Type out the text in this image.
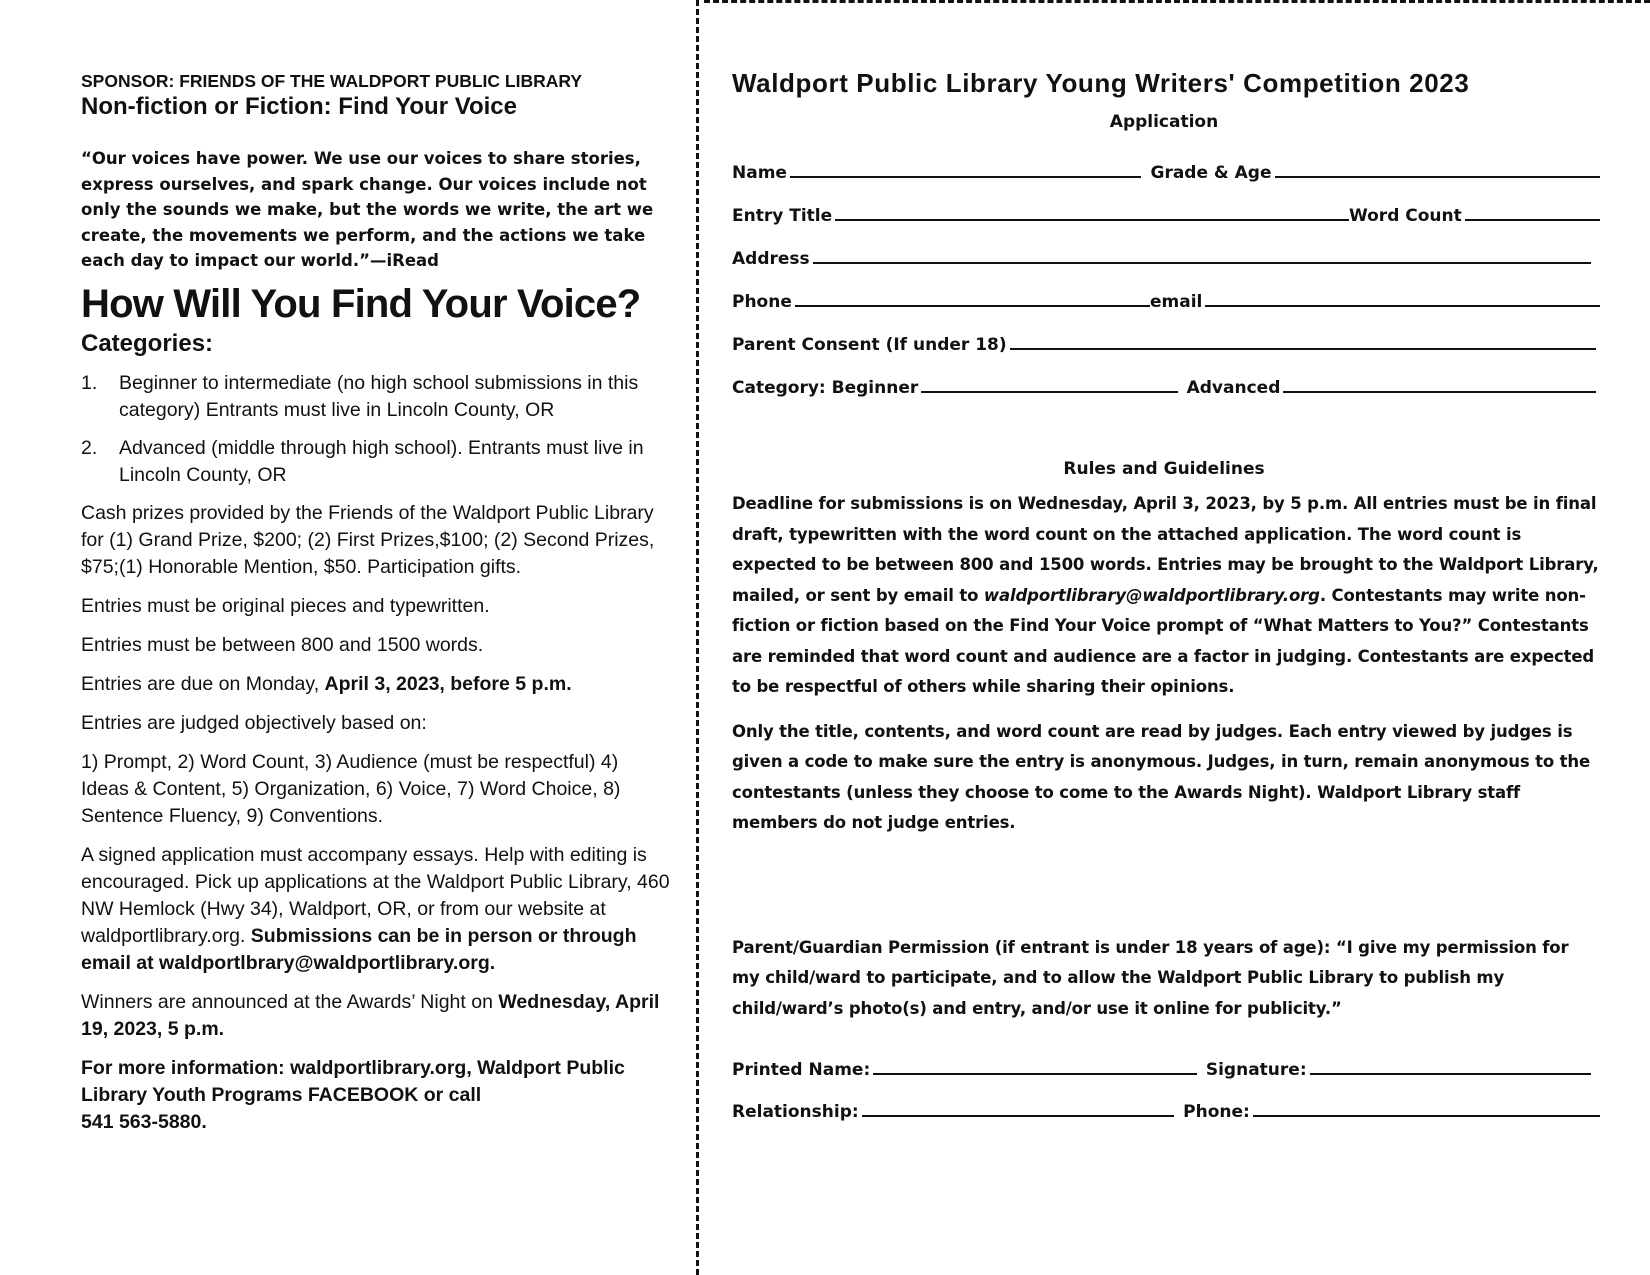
SPONSOR: FRIENDS OF THE WALDPORT PUBLIC LIBRARY

Non-fiction or Fiction: Find Your Voice

“Our voices have power. We use our voices to share stories, express ourselves, and spark change. Our voices include not only the sounds we make, but the words we write, the art we create, the movements we perform, and the actions we take each day to impact our world.”—iRead

How Will You Find Your Voice?

Categories:

1. Beginner to intermediate (no high school submissions in this category) Entrants must live in Lincoln County, OR
2. Advanced (middle through high school). Entrants must live in Lincoln County, OR

Cash prizes provided by the Friends of the Waldport Public Library for (1) Grand Prize, $200; (2) First Prizes,$100; (2) Second Prizes, $75;(1) Honorable Mention, $50. Participation gifts.

Entries must be original pieces and typewritten.

Entries must be between 800 and 1500 words.

Entries are due on Monday, April 3, 2023, before 5 p.m.

Entries are judged objectively based on:

1) Prompt, 2) Word Count, 3) Audience (must be respectful) 4) Ideas & Content, 5) Organization, 6) Voice, 7) Word Choice, 8) Sentence Fluency, 9) Conventions.

A signed application must accompany essays. Help with editing is encouraged. Pick up applications at the Waldport Public Library, 460 NW Hemlock (Hwy 34), Waldport, OR, or from our website at waldportlibrary.org. Submissions can be in person or through email at waldportlbrary@waldportlibrary.org.

Winners are announced at the Awards’ Night on Wednesday, April 19, 2023, 5 p.m.

For more information: waldportlibrary.org, Waldport Public Library Youth Programs FACEBOOK or call
541 563-5880.

Waldport Public Library Young Writers' Competition 2023

Application
Name	Grade & Age
Entry Title	Word Count
Address
Phone	email
Parent Consent (If under 18)
Category: Beginner	Advanced
Rules and Guidelines

Deadline for submissions is on Wednesday, April 3, 2023, by 5 p.m. All entries must be in final draft, typewritten with the word count on the attached application. The word count is expected to be between 800 and 1500 words. Entries may be brought to the Waldport Library, mailed, or sent by email to waldportlibrary@waldportlibrary.org. Contestants may write non-fiction or fiction based on the Find Your Voice prompt of “What Matters to You?” Contestants are reminded that word count and audience are a factor in judging. Contestants are expected to be respectful of others while sharing their opinions.

Only the title, contents, and word count are read by judges. Each entry viewed by judges is given a code to make sure the entry is anonymous. Judges, in turn, remain anonymous to the contestants (unless they choose to come to the Awards Night). Waldport Library staff members do not judge entries.

Parent/Guardian Permission (if entrant is under 18 years of age): “I give my permission for my child/ward to participate, and to allow the Waldport Public Library to publish my child/ward’s photo(s) and entry, and/or use it online for publicity.”

Printed Name:	Signature:
Relationship:	Phone:
